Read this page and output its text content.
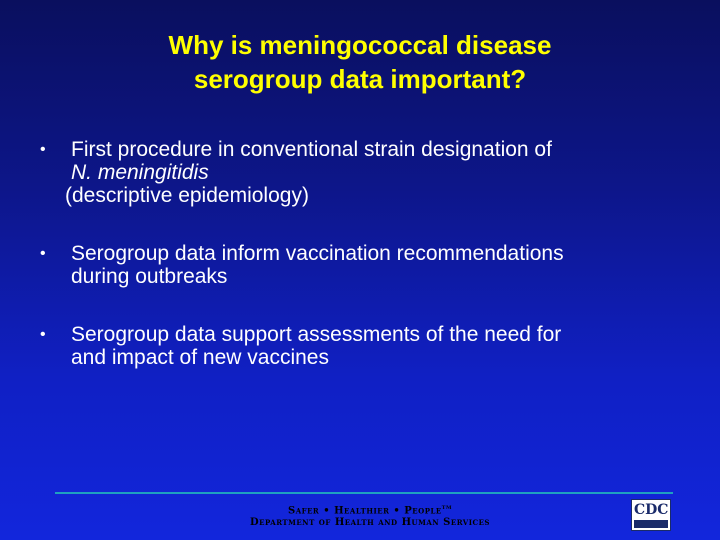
Why is meningococcal disease
serogroup data important?
• First procedure in conventional strain designation of
N. meningitidis
(descriptive epidemiology)
• Serogroup data inform vaccination recommendations
during outbreaks
• Serogroup data support assessments of the need for
and impact of new vaccines
Safer • Healthier • People™
Department of Health and Human Services
CDC
